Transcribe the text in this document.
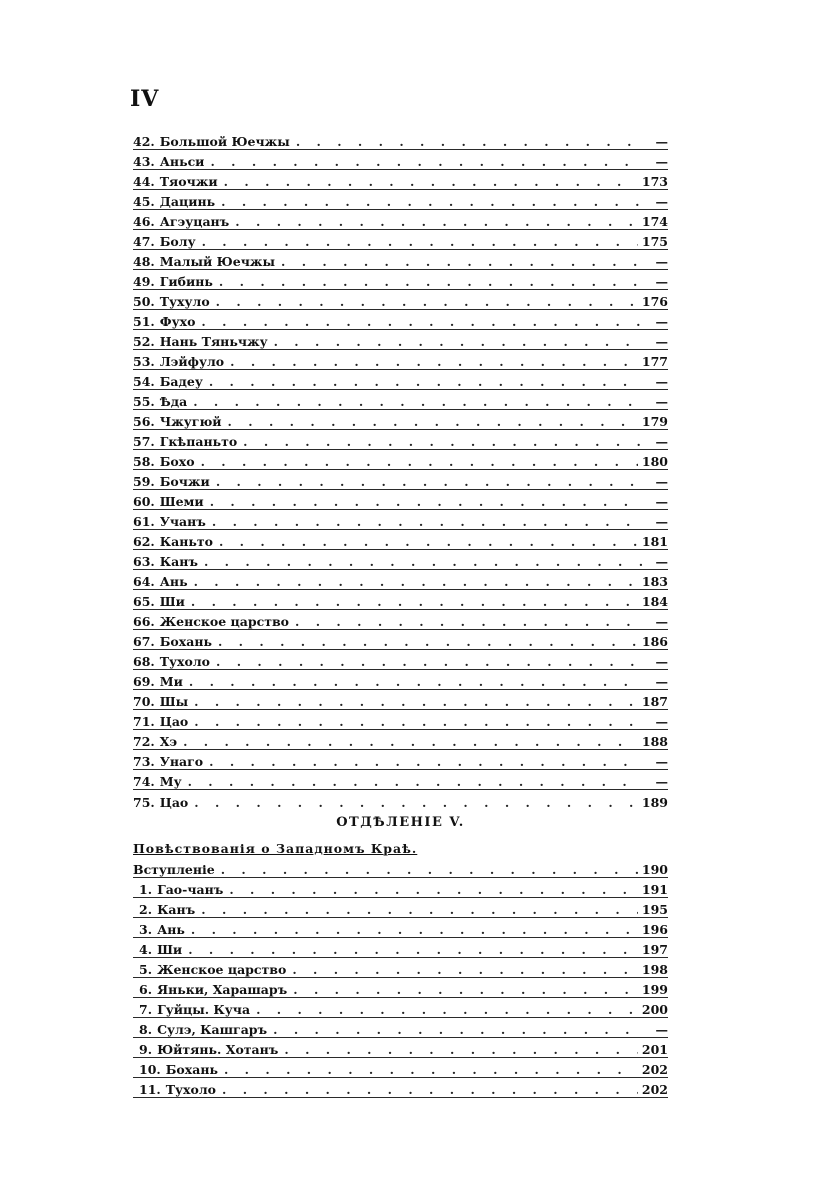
IV
42. Большой Юечжы . . .	—
43. Аньси . . .	—
44. Тяочжи . . .	173
45. Дацинь . . .	—
46. Агэуцанъ . . .	174
47. Болу . . .	175
48. Малый Юечжы . . .	—
49. Гибинь . . .	—
50. Тухуло . . .	176
51. Фухо . . .	—
52. Нань Тяньчжу . . .	—
53. Лэйфуло . . .	177
54. Бадеу . . .	—
55. Ѣда . . .	—
56. Чжугюй . . .	179
57. Гкѣпаньто . . .	—
58. Бохо . . .	180
59. Бочжи . . .	—
60. Шеми . . .	—
61. Учанъ . . .	—
62. Каньто . . .	181
63. Канъ . . .	—
64. Ань . . .	183
65. Ши . . .	184
66. Женское царство . . .	—
67. Бохань . . .	186
68. Тухоло . . .	—
69. Ми . . .	—
70. Шы . . .	187
71. Цао . . .	—
72. Хэ . . .	188
73. Унаго . . .	—
74. Му . . .	—
75. Цао . . .	189
ОТДѢЛЕНІЕ V.
Повѣствованія о Западномъ Краѣ.
Вступленіе . . .	190
1. Гао-чанъ . . .	191
2. Канъ . . .	195
3. Ань . . .	196
4. Ши . . .	197
5. Женское царство . . .	198
6. Яньки, Харашаръ . . .	199
7. Гуйцы. Куча . . .	200
8. Сулэ, Кашгаръ . . .	—
9. Юйтянь. Хотанъ . . .	201
10. Бохань . . .	202
11. Тухоло . . .	202
